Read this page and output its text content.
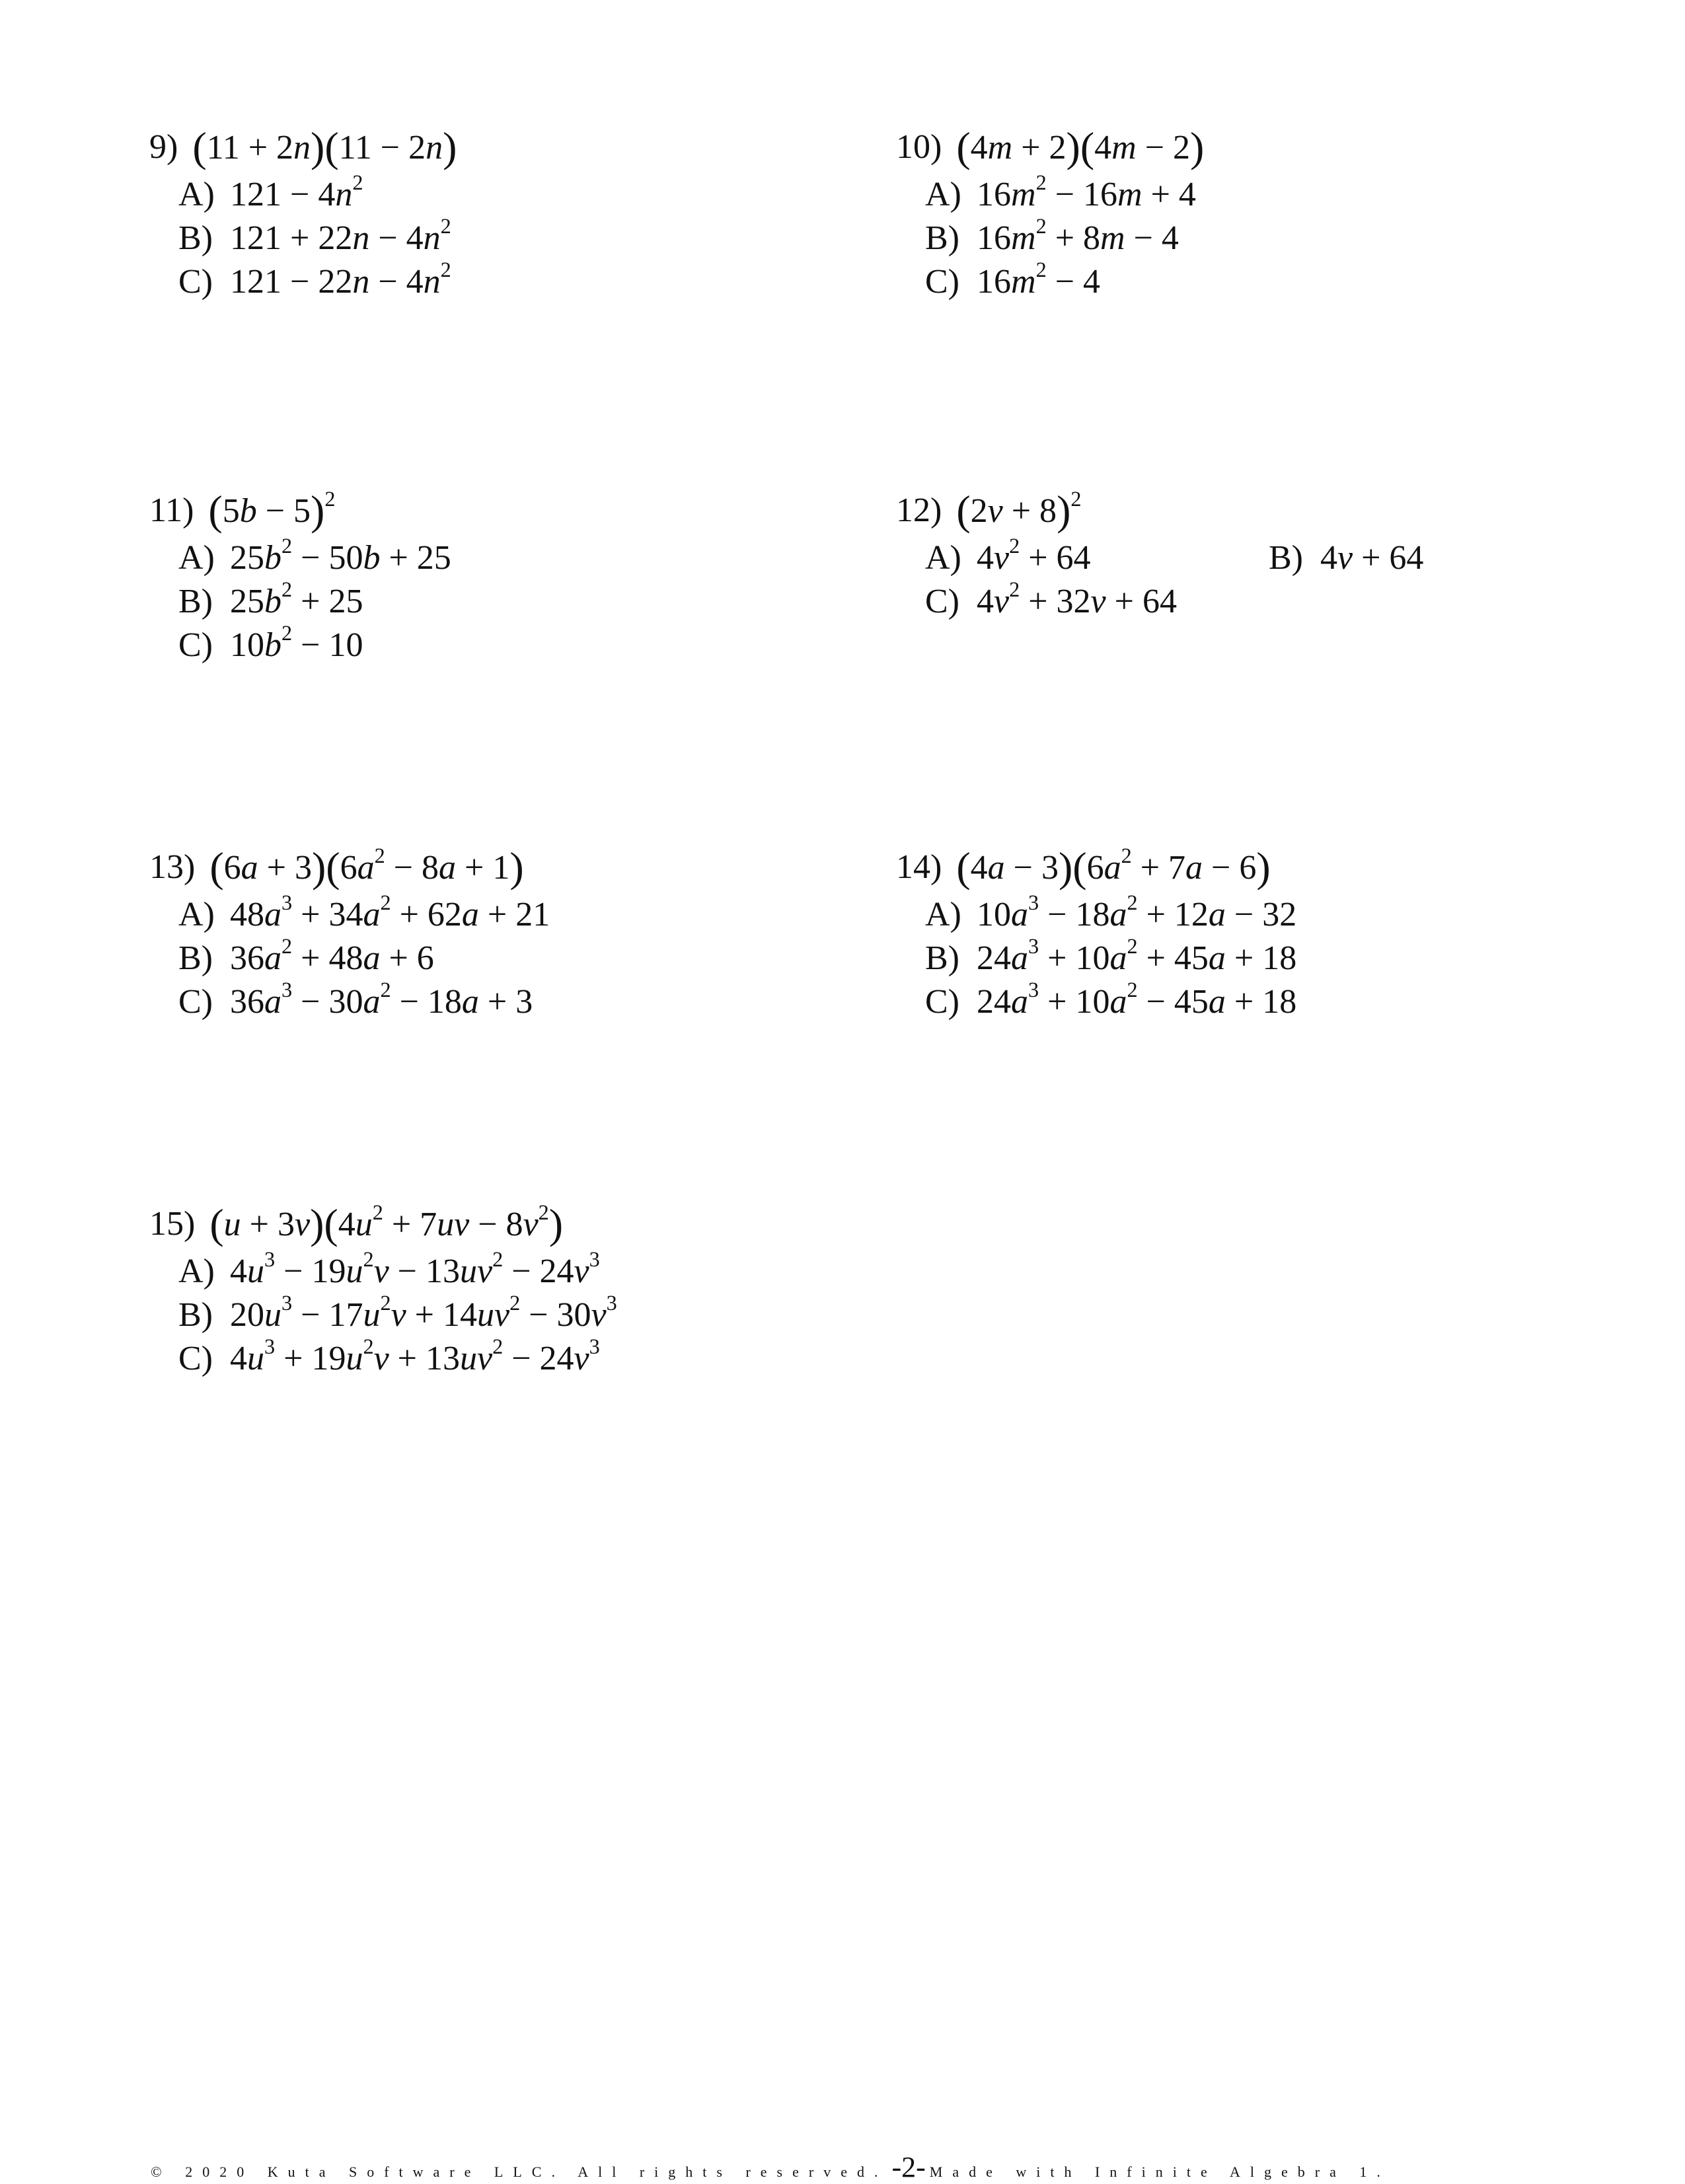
9) (11 + 2n)(11 − 2n)
A) $121 - 4n^2$
B) $121 + 22n - 4n^2$
C) $121 - 22n - 4n^2$
10) (4m + 2)(4m − 2)
A) $16m^2 - 16m + 4$
B) $16m^2 + 8m - 4$
C) $16m^2 - 4$
11) $(5b - 5)^2$
A) $25b^2 - 50b + 25$
B) $25b^2 + 25$
C) $10b^2 - 10$
12) $(2v + 8)^2$
A) $4v^2 + 64$
C) $4v^2 + 32v + 64$
B) 4v + 64
13) $(6a + 3)(6a^2 - 8a + 1)$
A) $48a^3 + 34a^2 + 62a + 21$
B) $36a^2 + 48a + 6$
C) $36a^3 - 30a^2 - 18a + 3$
14) $(4a - 3)(6a^2 + 7a - 6)$
A) $10a^3 - 18a^2 + 12a - 32$
B) $24a^3 + 10a^2 + 45a + 18$
C) $24a^3 + 10a^2 - 45a + 18$
15) $(u + 3v)(4u^2 + 7uv - 8v^2)$
A) $4u^3 - 19u^2v - 13uv^2 - 24v^3$
B) $20u^3 - 17u^2v + 14uv^2 - 30v^3$
C) $4u^3 + 19u^2v + 13uv^2 - 24v^3$
© 2020 Kuta Software LLC. All rights reserved. -2- Made with Infinite Algebra 1.
